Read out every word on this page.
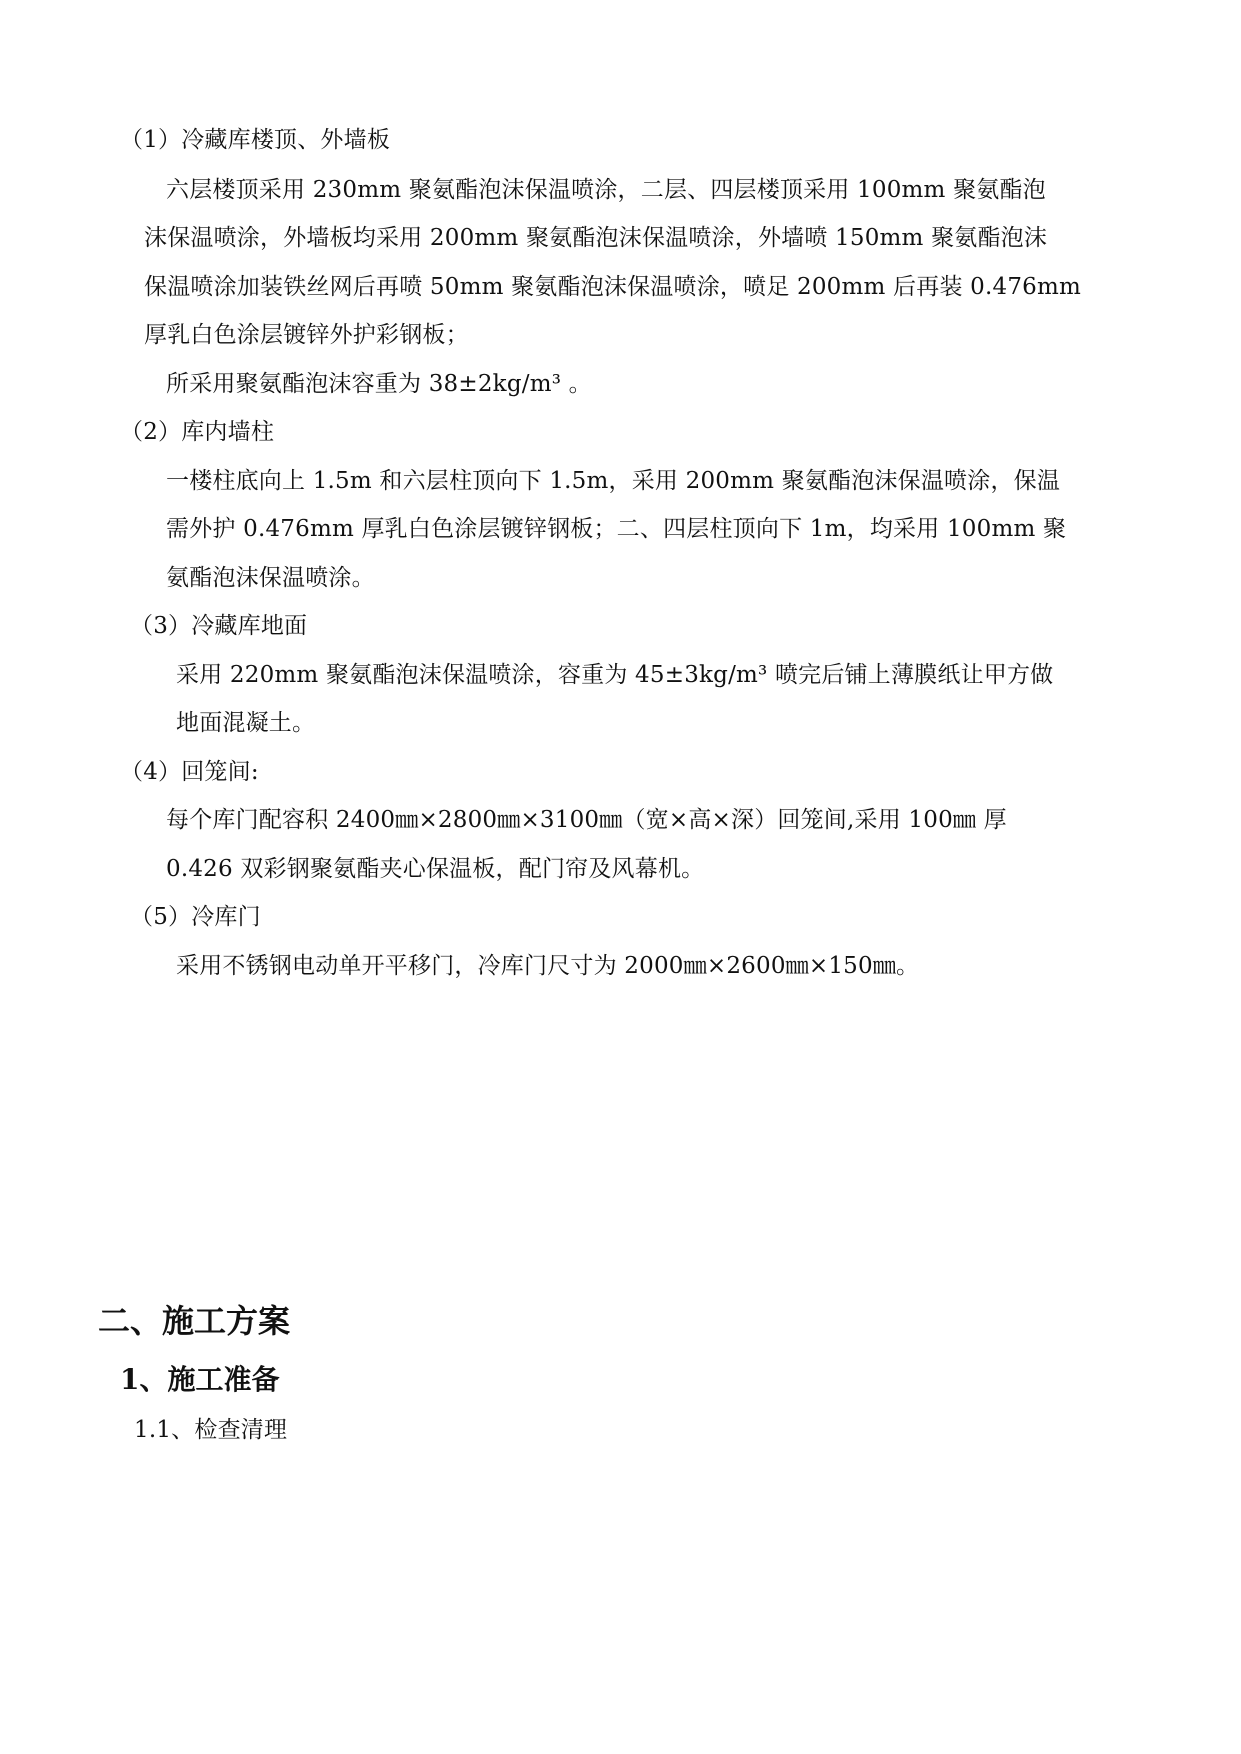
（1）冷藏库楼顶、外墙板
六层楼顶采用 230mm 聚氨酯泡沫保温喷涂，二层、四层楼顶采用 100mm 聚氨酯泡
沫保温喷涂，外墙板均采用 200mm 聚氨酯泡沫保温喷涂，外墙喷 150mm 聚氨酯泡沫
保温喷涂加装铁丝网后再喷 50mm 聚氨酯泡沫保温喷涂，喷足 200mm 后再装 0.476mm
厚乳白色涂层镀锌外护彩钢板；
所采用聚氨酯泡沫容重为 38±2kg/m³ 。
（2）库内墙柱
一楼柱底向上 1.5m 和六层柱顶向下 1.5m，采用 200mm 聚氨酯泡沫保温喷涂，保温
需外护 0.476mm 厚乳白色涂层镀锌钢板；二、四层柱顶向下 1m，均采用 100mm 聚
氨酯泡沫保温喷涂。
（3）冷藏库地面
采用 220mm 聚氨酯泡沫保温喷涂，容重为 45±3kg/m³ 喷完后铺上薄膜纸让甲方做
地面混凝土。
（4）回笼间:
每个库门配容积 2400㎜×2800㎜×3100㎜（宽×高×深）回笼间,采用 100㎜ 厚
0.426 双彩钢聚氨酯夹心保温板，配门帘及风幕机。
（5）冷库门
采用不锈钢电动单开平移门，冷库门尺寸为 2000㎜×2600㎜×150㎜。
二、施工方案
1、施工准备
1.1、检查清理
